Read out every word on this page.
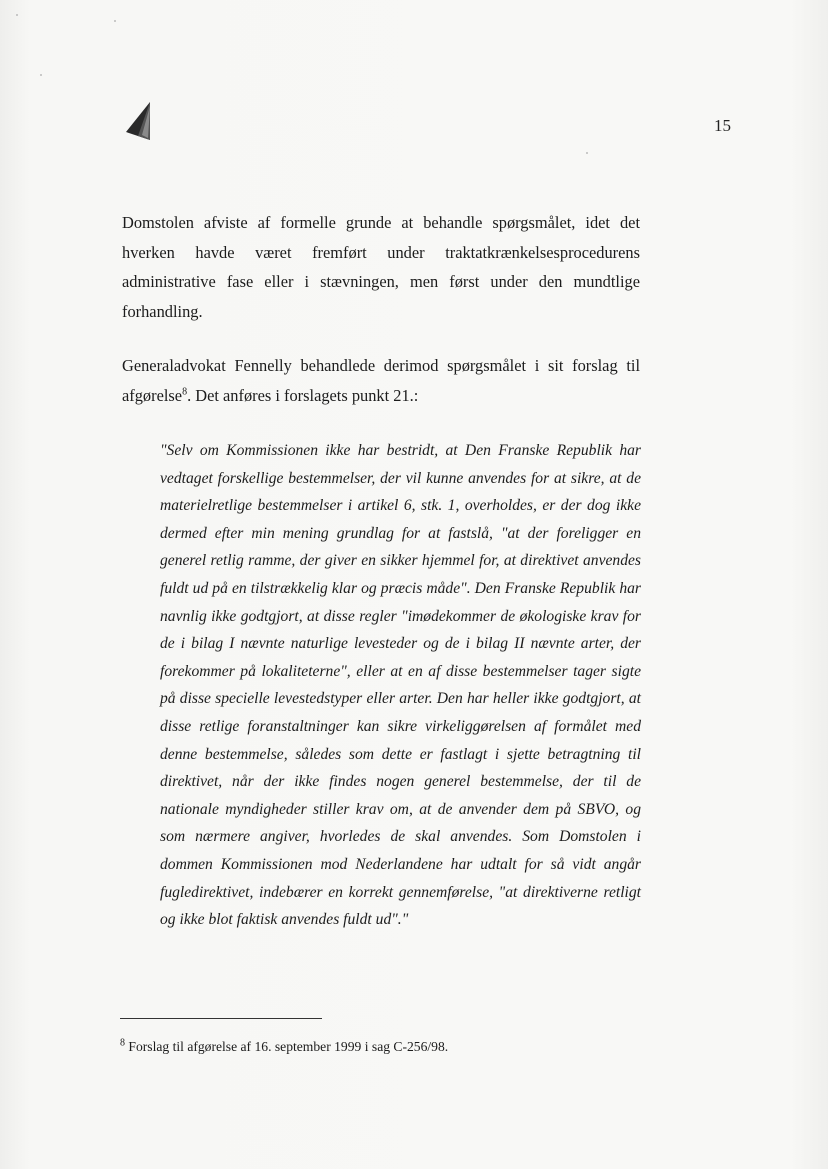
15

Domstolen afviste af formelle grunde at behandle spørgsmålet, idet det hverken havde været fremført under traktatkrænkelsesprocedurens administrative fase eller i stævningen, men først under den mundtlige forhandling.

Generaladvokat Fennelly behandlede derimod spørgsmålet i sit forslag til afgørelse$^8$. Det anføres i forslagets punkt 21.:

"Selv om Kommissionen ikke har bestridt, at Den Franske Republik har vedtaget forskellige bestemmelser, der vil kunne anvendes for at sikre, at de materielretlige bestemmelser i artikel 6, stk. 1, overholdes, er der dog ikke dermed efter min mening grundlag for at fastslå, "at der foreligger en generel retlig ramme, der giver en sikker hjemmel for, at direktivet anvendes fuldt ud på en tilstrækkelig klar og præcis måde". Den Franske Republik har navnlig ikke godtgjort, at disse regler "imødekommer de økologiske krav for de i bilag I nævnte naturlige levesteder og de i bilag II nævnte arter, der forekommer på lokaliteterne", eller at en af disse bestemmelser tager sigte på disse specielle levestedstyper eller arter. Den har heller ikke godtgjort, at disse retlige foranstaltninger kan sikre virkeliggørelsen af formålet med denne bestemmelse, således som dette er fastlagt i sjette betragtning til direktivet, når der ikke findes nogen generel bestemmelse, der til de nationale myndigheder stiller krav om, at de anvender dem på SBVO, og som nærmere angiver, hvorledes de skal anvendes. Som Domstolen i dommen Kommissionen mod Nederlandene har udtalt for så vidt angår fugledirektivet, indebærer en korrekt gennemførelse, "at direktiverne retligt og ikke blot faktisk anvendes fuldt ud"."

$^8$ Forslag til afgørelse af 16. september 1999 i sag C-256/98.
